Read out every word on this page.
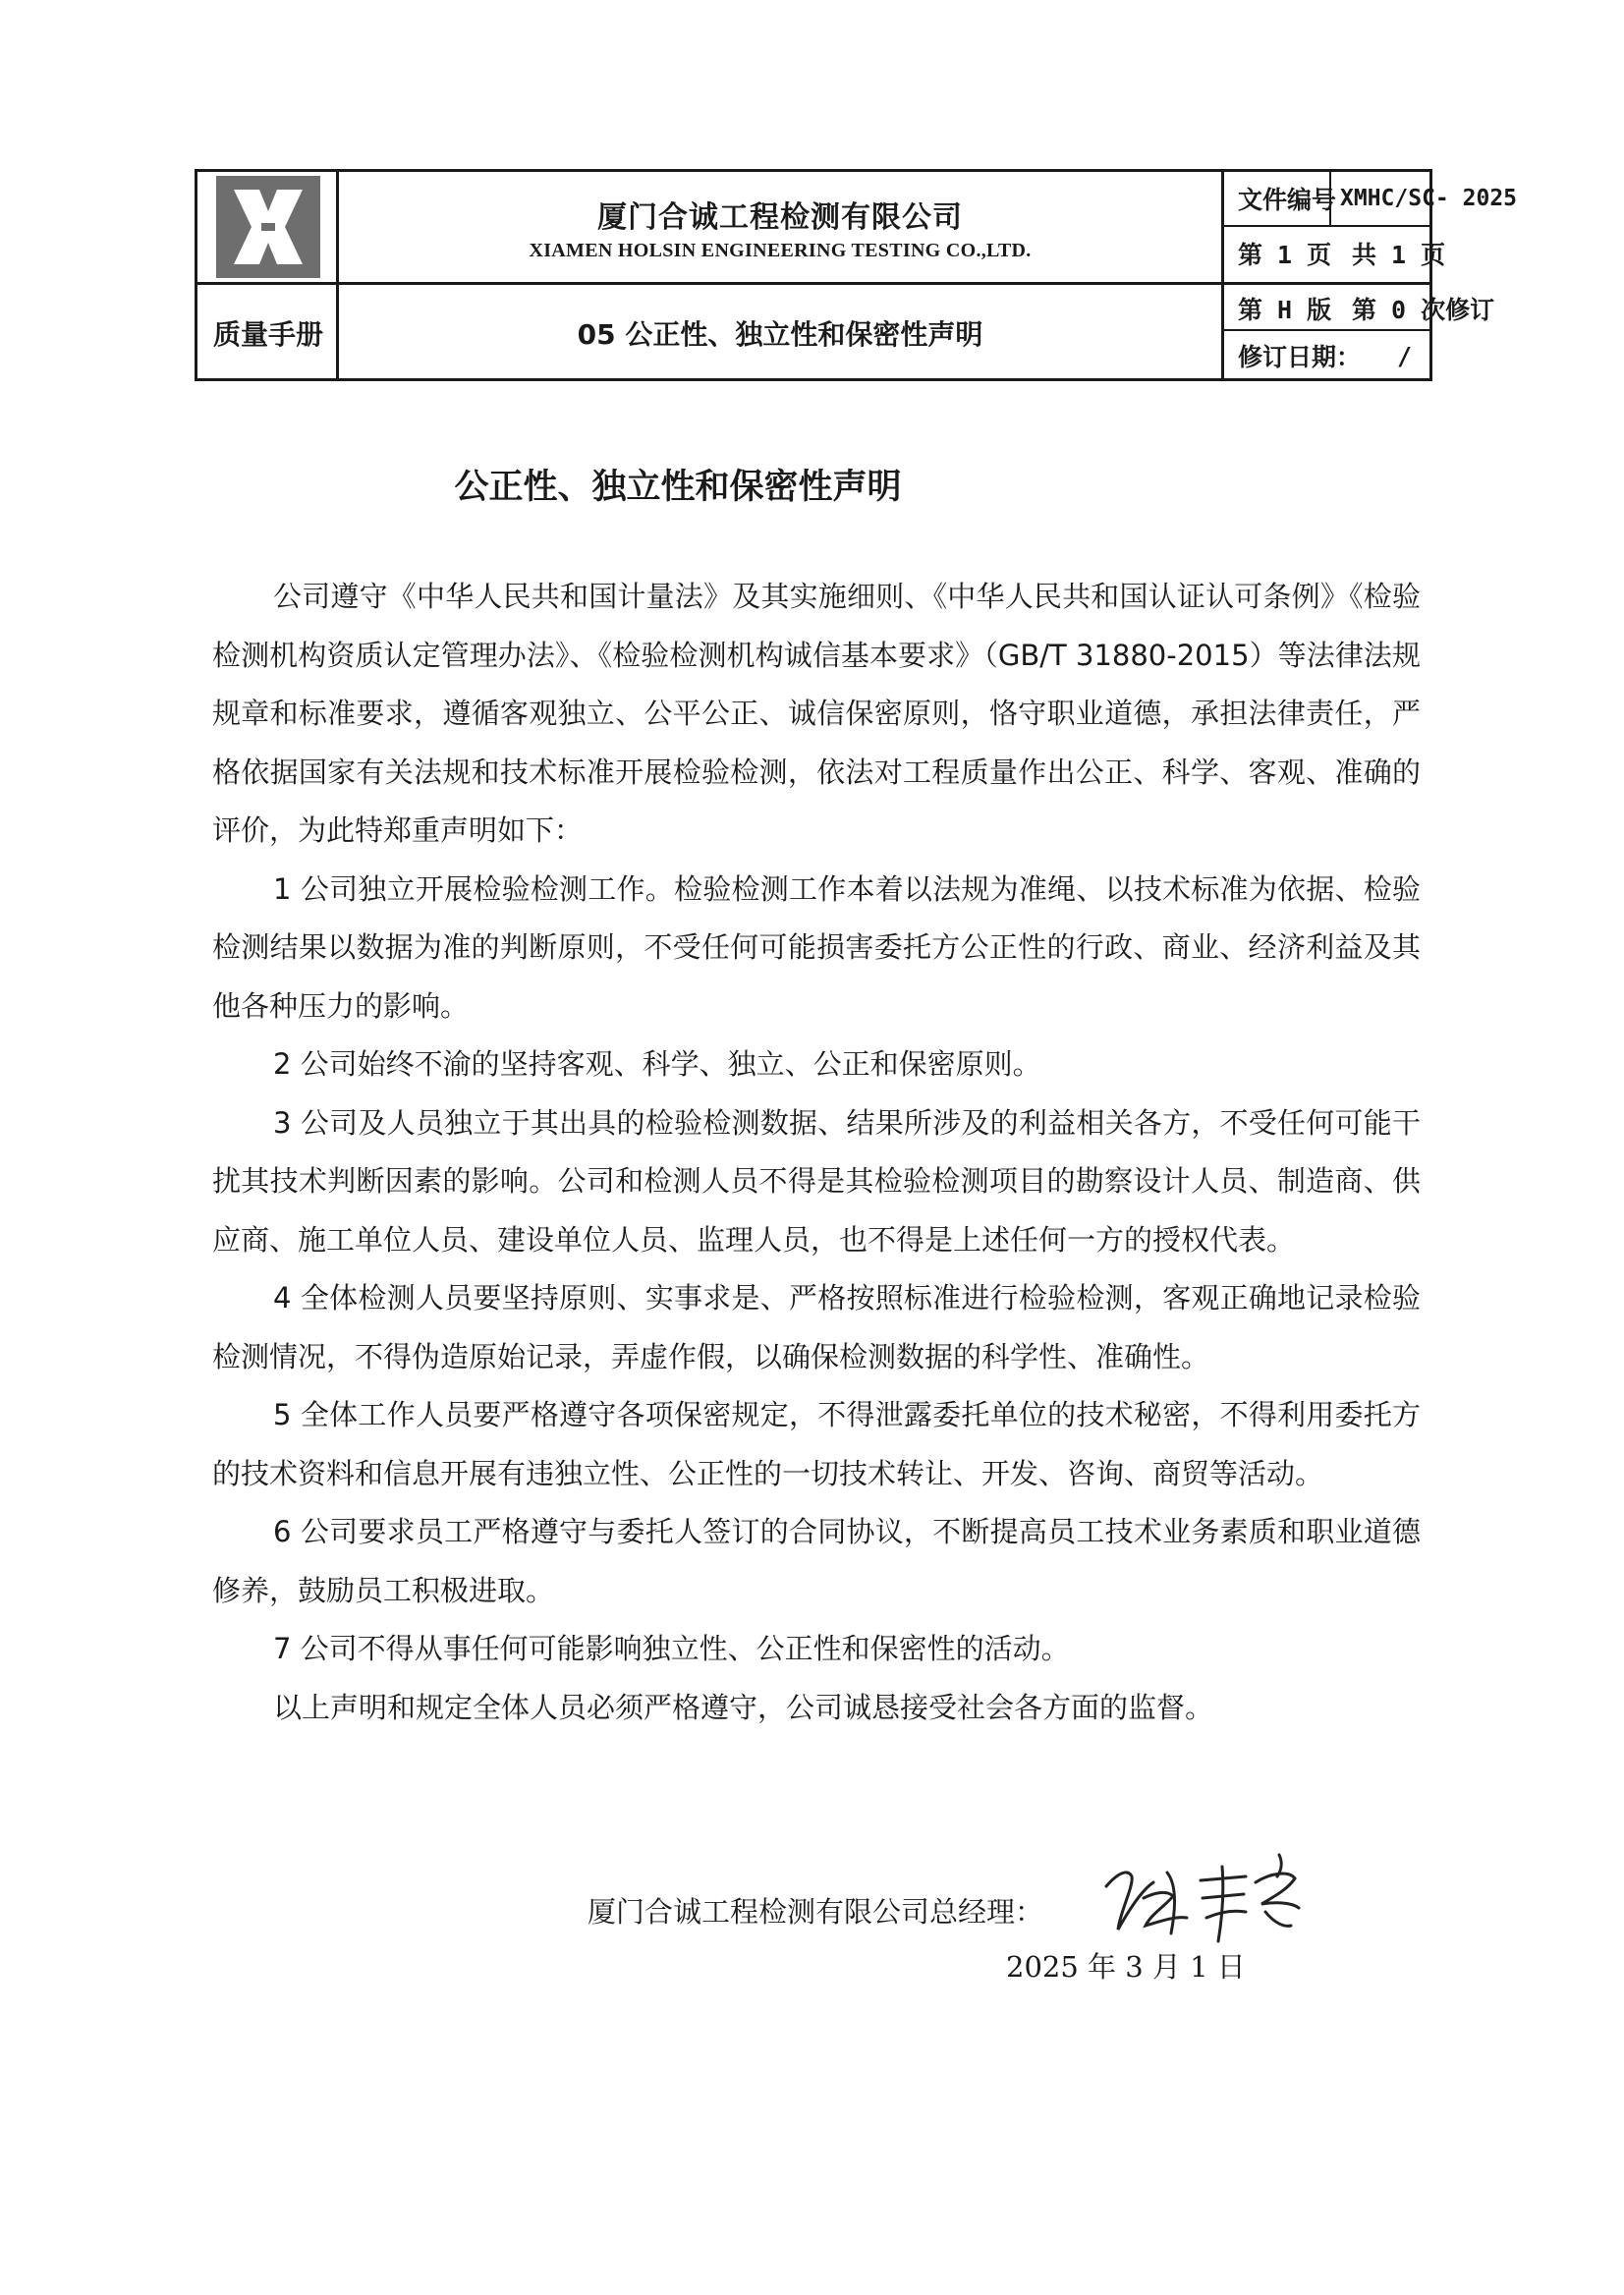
厦门合诚工程检测有限公司
XIAMEN HOLSIN ENGINEERING TESTING CO.,LTD.
质量手册	05 公正性、独立性和保密性声明
文件编号 XMHC/SC- 2025
第 1 页 共 1 页
第 H 版 第 0 次修订
修订日期： /
公正性、独立性和保密性声明

公司遵守《中华人民共和国计量法》及其实施细则、《中华人民共和国认证认可条例》《检验检测机构资质认定管理办法》、《检验检测机构诚信基本要求》（GB/T 31880-2015）等法律法规规章和标准要求，遵循客观独立、公平公正、诚信保密原则，恪守职业道德，承担法律责任，严格依据国家有关法规和技术标准开展检验检测，依法对工程质量作出公正、科学、客观、准确的评价，为此特郑重声明如下：

1 公司独立开展检验检测工作。检验检测工作本着以法规为准绳、以技术标准为依据、检验检测结果以数据为准的判断原则，不受任何可能损害委托方公正性的行政、商业、经济利益及其他各种压力的影响。

2 公司始终不渝的坚持客观、科学、独立、公正和保密原则。

3 公司及人员独立于其出具的检验检测数据、结果所涉及的利益相关各方，不受任何可能干扰其技术判断因素的影响。公司和检测人员不得是其检验检测项目的勘察设计人员、制造商、供应商、施工单位人员、建设单位人员、监理人员，也不得是上述任何一方的授权代表。

4 全体检测人员要坚持原则、实事求是、严格按照标准进行检验检测，客观正确地记录检验检测情况，不得伪造原始记录，弄虚作假，以确保检测数据的科学性、准确性。

5 全体工作人员要严格遵守各项保密规定，不得泄露委托单位的技术秘密，不得利用委托方的技术资料和信息开展有违独立性、公正性的一切技术转让、开发、咨询、商贸等活动。

6 公司要求员工严格遵守与委托人签订的合同协议，不断提高员工技术业务素质和职业道德修养，鼓励员工积极进取。

7 公司不得从事任何可能影响独立性、公正性和保密性的活动。

以上声明和规定全体人员必须严格遵守，公司诚恳接受社会各方面的监督。

厦门合诚工程检测有限公司总经理：
2025 年 3 月 1 日
